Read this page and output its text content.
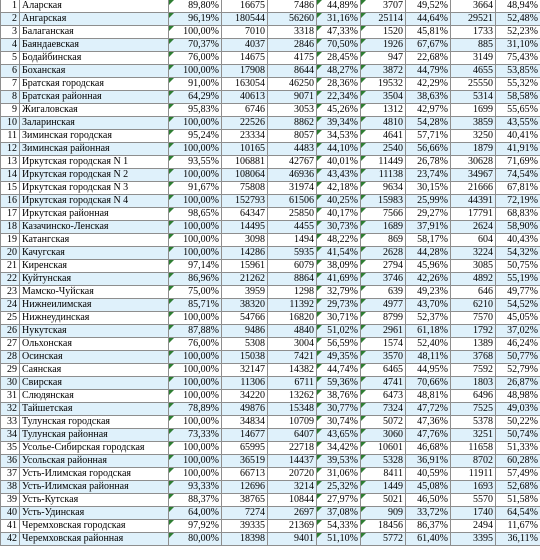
1	Аларская	89,80%	16675	7486	44,89%	3707	49,52%	3664	48,94%
2	Ангарская	96,19%	180544	56260	31,16%	25114	44,64%	29521	52,48%
3	Балаганская	100,00%	7010	3318	47,33%	1520	45,81%	1733	52,23%
4	Баяндаевская	70,37%	4037	2846	70,50%	1926	67,67%	885	31,10%
5	Бодайбинская	76,00%	14675	4175	28,45%	947	22,68%	3149	75,43%
6	Боханская	100,00%	17908	8644	48,27%	3872	44,79%	4655	53,85%
7	Братская городская	91,00%	163054	46250	28,36%	19532	42,29%	25550	55,32%
8	Братская районная	64,29%	40613	9071	22,34%	3504	38,63%	5314	58,58%
9	Жигаловская	95,83%	6746	3053	45,26%	1312	42,97%	1699	55,65%
10	Заларинская	100,00%	22526	8862	39,34%	4810	54,28%	3859	43,55%
11	Зиминская городская	95,24%	23334	8057	34,53%	4641	57,71%	3250	40,41%
12	Зиминская районная	100,00%	10165	4483	44,10%	2540	56,66%	1879	41,91%
13	Иркутская городская N 1	93,55%	106881	42767	40,01%	11449	26,78%	30628	71,69%
14	Иркутская городская N 2	100,00%	108064	46936	43,43%	11138	23,74%	34967	74,54%
15	Иркутская городская N 3	91,67%	75808	31974	42,18%	9634	30,15%	21666	67,81%
16	Иркутская городская N 4	100,00%	152793	61506	40,25%	15983	25,99%	44391	72,19%
17	Иркутская районная	98,65%	64347	25850	40,17%	7566	29,27%	17791	68,83%
18	Казачинско-Ленская	100,00%	14495	4455	30,73%	1689	37,91%	2624	58,90%
19	Катангская	100,00%	3098	1494	48,22%	869	58,17%	604	40,43%
20	Качугская	100,00%	14286	5935	41,54%	2628	44,28%	3224	54,32%
21	Киренская	97,14%	15961	6079	38,09%	2794	45,96%	3085	50,75%
22	Куйтунская	86,96%	21262	8864	41,69%	3746	42,26%	4892	55,19%
23	Мамско-Чуйская	75,00%	3959	1298	32,79%	639	49,23%	646	49,77%
24	Нижнеилимская	85,71%	38320	11392	29,73%	4977	43,70%	6210	54,52%
25	Нижнеудинская	100,00%	54766	16820	30,71%	8799	52,37%	7570	45,05%
26	Нукутская	87,88%	9486	4840	51,02%	2961	61,18%	1792	37,02%
27	Ольхонская	76,00%	5308	3004	56,59%	1574	52,40%	1389	46,24%
28	Осинская	100,00%	15038	7421	49,35%	3570	48,11%	3768	50,77%
29	Саянская	100,00%	32147	14382	44,74%	6465	44,95%	7592	52,79%
30	Свирская	100,00%	11306	6711	59,36%	4741	70,66%	1803	26,87%
31	Слюдянская	100,00%	34220	13262	38,76%	6473	48,81%	6496	48,98%
32	Тайшетская	78,89%	49876	15348	30,77%	7324	47,72%	7525	49,03%
33	Тулунская городская	100,00%	34834	10709	30,74%	5072	47,36%	5378	50,22%
34	Тулунская районная	73,33%	14677	6407	43,65%	3060	47,76%	3251	50,74%
35	Усолье-Сибирская городская	100,00%	65995	22718	34,42%	10601	46,68%	11658	51,33%
36	Усольская районная	100,00%	36519	14437	39,53%	5328	36,91%	8702	60,28%
37	Усть-Илимская городская	100,00%	66713	20720	31,06%	8411	40,59%	11911	57,49%
38	Усть-Илимская районная	93,33%	12696	3214	25,32%	1449	45,08%	1693	52,68%
39	Усть-Кутская	88,37%	38765	10844	27,97%	5021	46,50%	5570	51,58%
40	Усть-Удинская	64,00%	7274	2697	37,08%	909	33,72%	1740	64,54%
41	Черемховская городская	97,92%	39335	21369	54,33%	18456	86,37%	2494	11,67%
42	Черемховская районная	80,00%	18398	9401	51,10%	5772	61,40%	3395	36,11%
